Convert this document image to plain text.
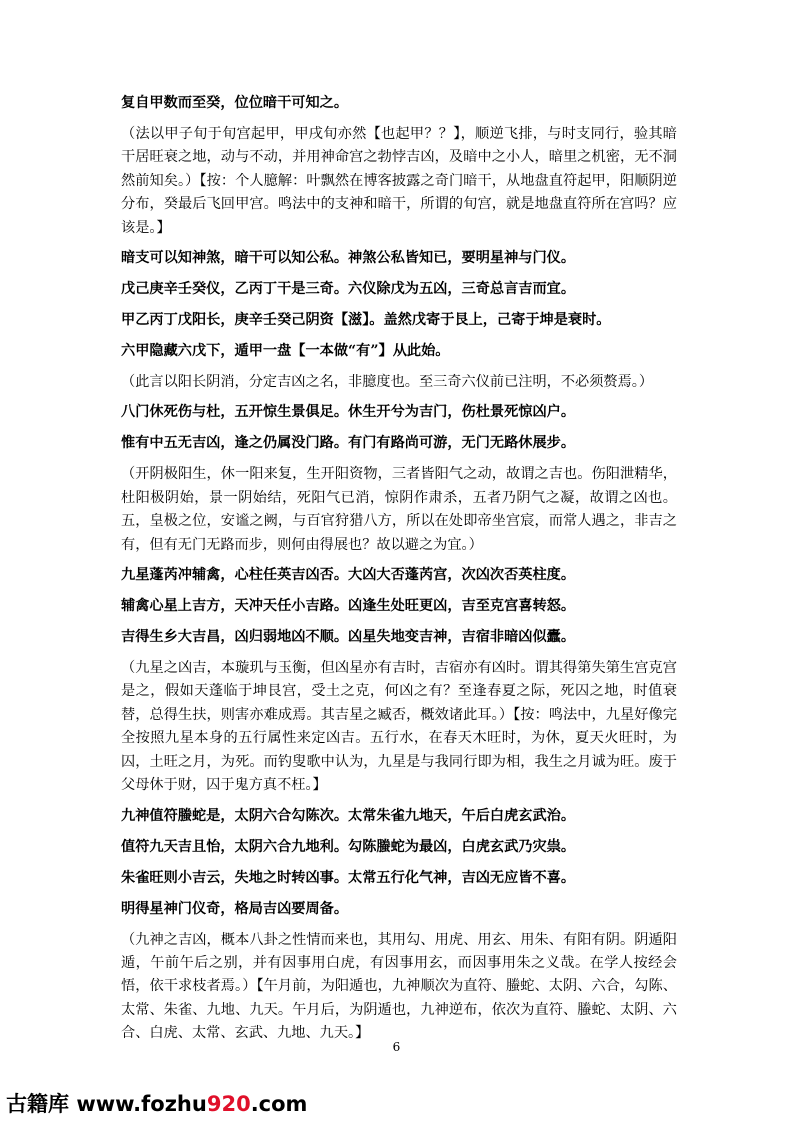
复自甲数而至癸，位位暗干可知之。

（法以甲子旬于旬宫起甲，甲戌旬亦然【也起甲？？】，顺逆飞排，与时支同行，验其暗干居旺衰之地，动与不动，并用神命宫之勃悖吉凶，及暗中之小人，暗里之机密，无不洞然前知矣。）【按：个人臆解：叶飘然在博客披露之奇门暗干，从地盘直符起甲，阳顺阴逆分布，癸最后飞回甲宫。鸣法中的支神和暗干，所谓的旬宫，就是地盘直符所在宫吗？应该是。】

暗支可以知神煞，暗干可以知公私。神煞公私皆知已，要明星神与门仪。

戊己庚辛壬癸仪，乙丙丁干是三奇。六仪除戊为五凶，三奇总言吉而宜。

甲乙丙丁戊阳长，庚辛壬癸己阴资【滋】。盖然戊寄于艮上，己寄于坤是衰时。

六甲隐藏六戊下，遁甲一盘【一本做“有”】从此始。

（此言以阳长阴消，分定吉凶之名，非臆度也。至三奇六仪前已注明，不必须赘焉。）

八门休死伤与杜，五开惊生景俱足。休生开兮为吉门，伤杜景死惊凶户。

惟有中五无吉凶，逢之仍属没门路。有门有路尚可游，无门无路休展步。

（开阴极阳生，休一阳来复，生开阳资物，三者皆阳气之动，故谓之吉也。伤阳泄精华，杜阳极阴始，景一阴始结，死阳气已消，惊阴作肃杀，五者乃阴气之凝，故谓之凶也。五，皇极之位，安谧之阙，与百官狩猎八方，所以在处即帝坐宫宸，而常人遇之，非吉之有，但有无门无路而步，则何由得展也？故以避之为宜。）

九星蓬芮冲辅禽，心柱任英吉凶否。大凶大否蓬芮宫，次凶次否英柱度。

辅禽心星上吉方，天冲天任小吉路。凶逢生处旺更凶，吉至克宫喜转怒。

吉得生乡大吉昌，凶归弱地凶不顺。凶星失地变吉神，吉宿非暗凶似蠹。

（九星之凶吉，本璇玑与玉衡，但凶星亦有吉时，吉宿亦有凶时。谓其得第失第生宫克宫是之，假如天蓬临于坤艮宫，受土之克，何凶之有？至逢春夏之际，死囚之地，时值衰替，总得生扶，则害亦难成焉。其吉星之臧否，概效诸此耳。）【按：鸣法中，九星好像完全按照九星本身的五行属性来定凶吉。五行水，在春天木旺时，为休，夏天火旺时，为囚，土旺之月，为死。而钓叟歌中认为，九星是与我同行即为相，我生之月诚为旺。废于父母休于财，囚于鬼方真不枉。】

九神值符螣蛇是，太阴六合勾陈次。太常朱雀九地天，午后白虎玄武治。

值符九天吉且怡，太阴六合九地利。勾陈螣蛇为最凶，白虎玄武乃灾祟。

朱雀旺则小吉云，失地之时转凶事。太常五行化气神，吉凶无应皆不喜。

明得星神门仪奇，格局吉凶要周备。

（九神之吉凶，概本八卦之性情而来也，其用勾、用虎、用玄、用朱、有阳有阴。阴遁阳遁，午前午后之别，并有因事用白虎，有因事用玄，而因事用朱之义哉。在学人按经会悟，依干求枝者焉。）【午月前，为阳遁也，九神顺次为直符、螣蛇、太阴、六合，勾陈、太常、朱雀、九地、九天。午月后，为阴遁也，九神逆布，依次为直符、螣蛇、太阴、六合、白虎、太常、玄武、九地、九天。】

6
古籍库 www.fozhu920.com
